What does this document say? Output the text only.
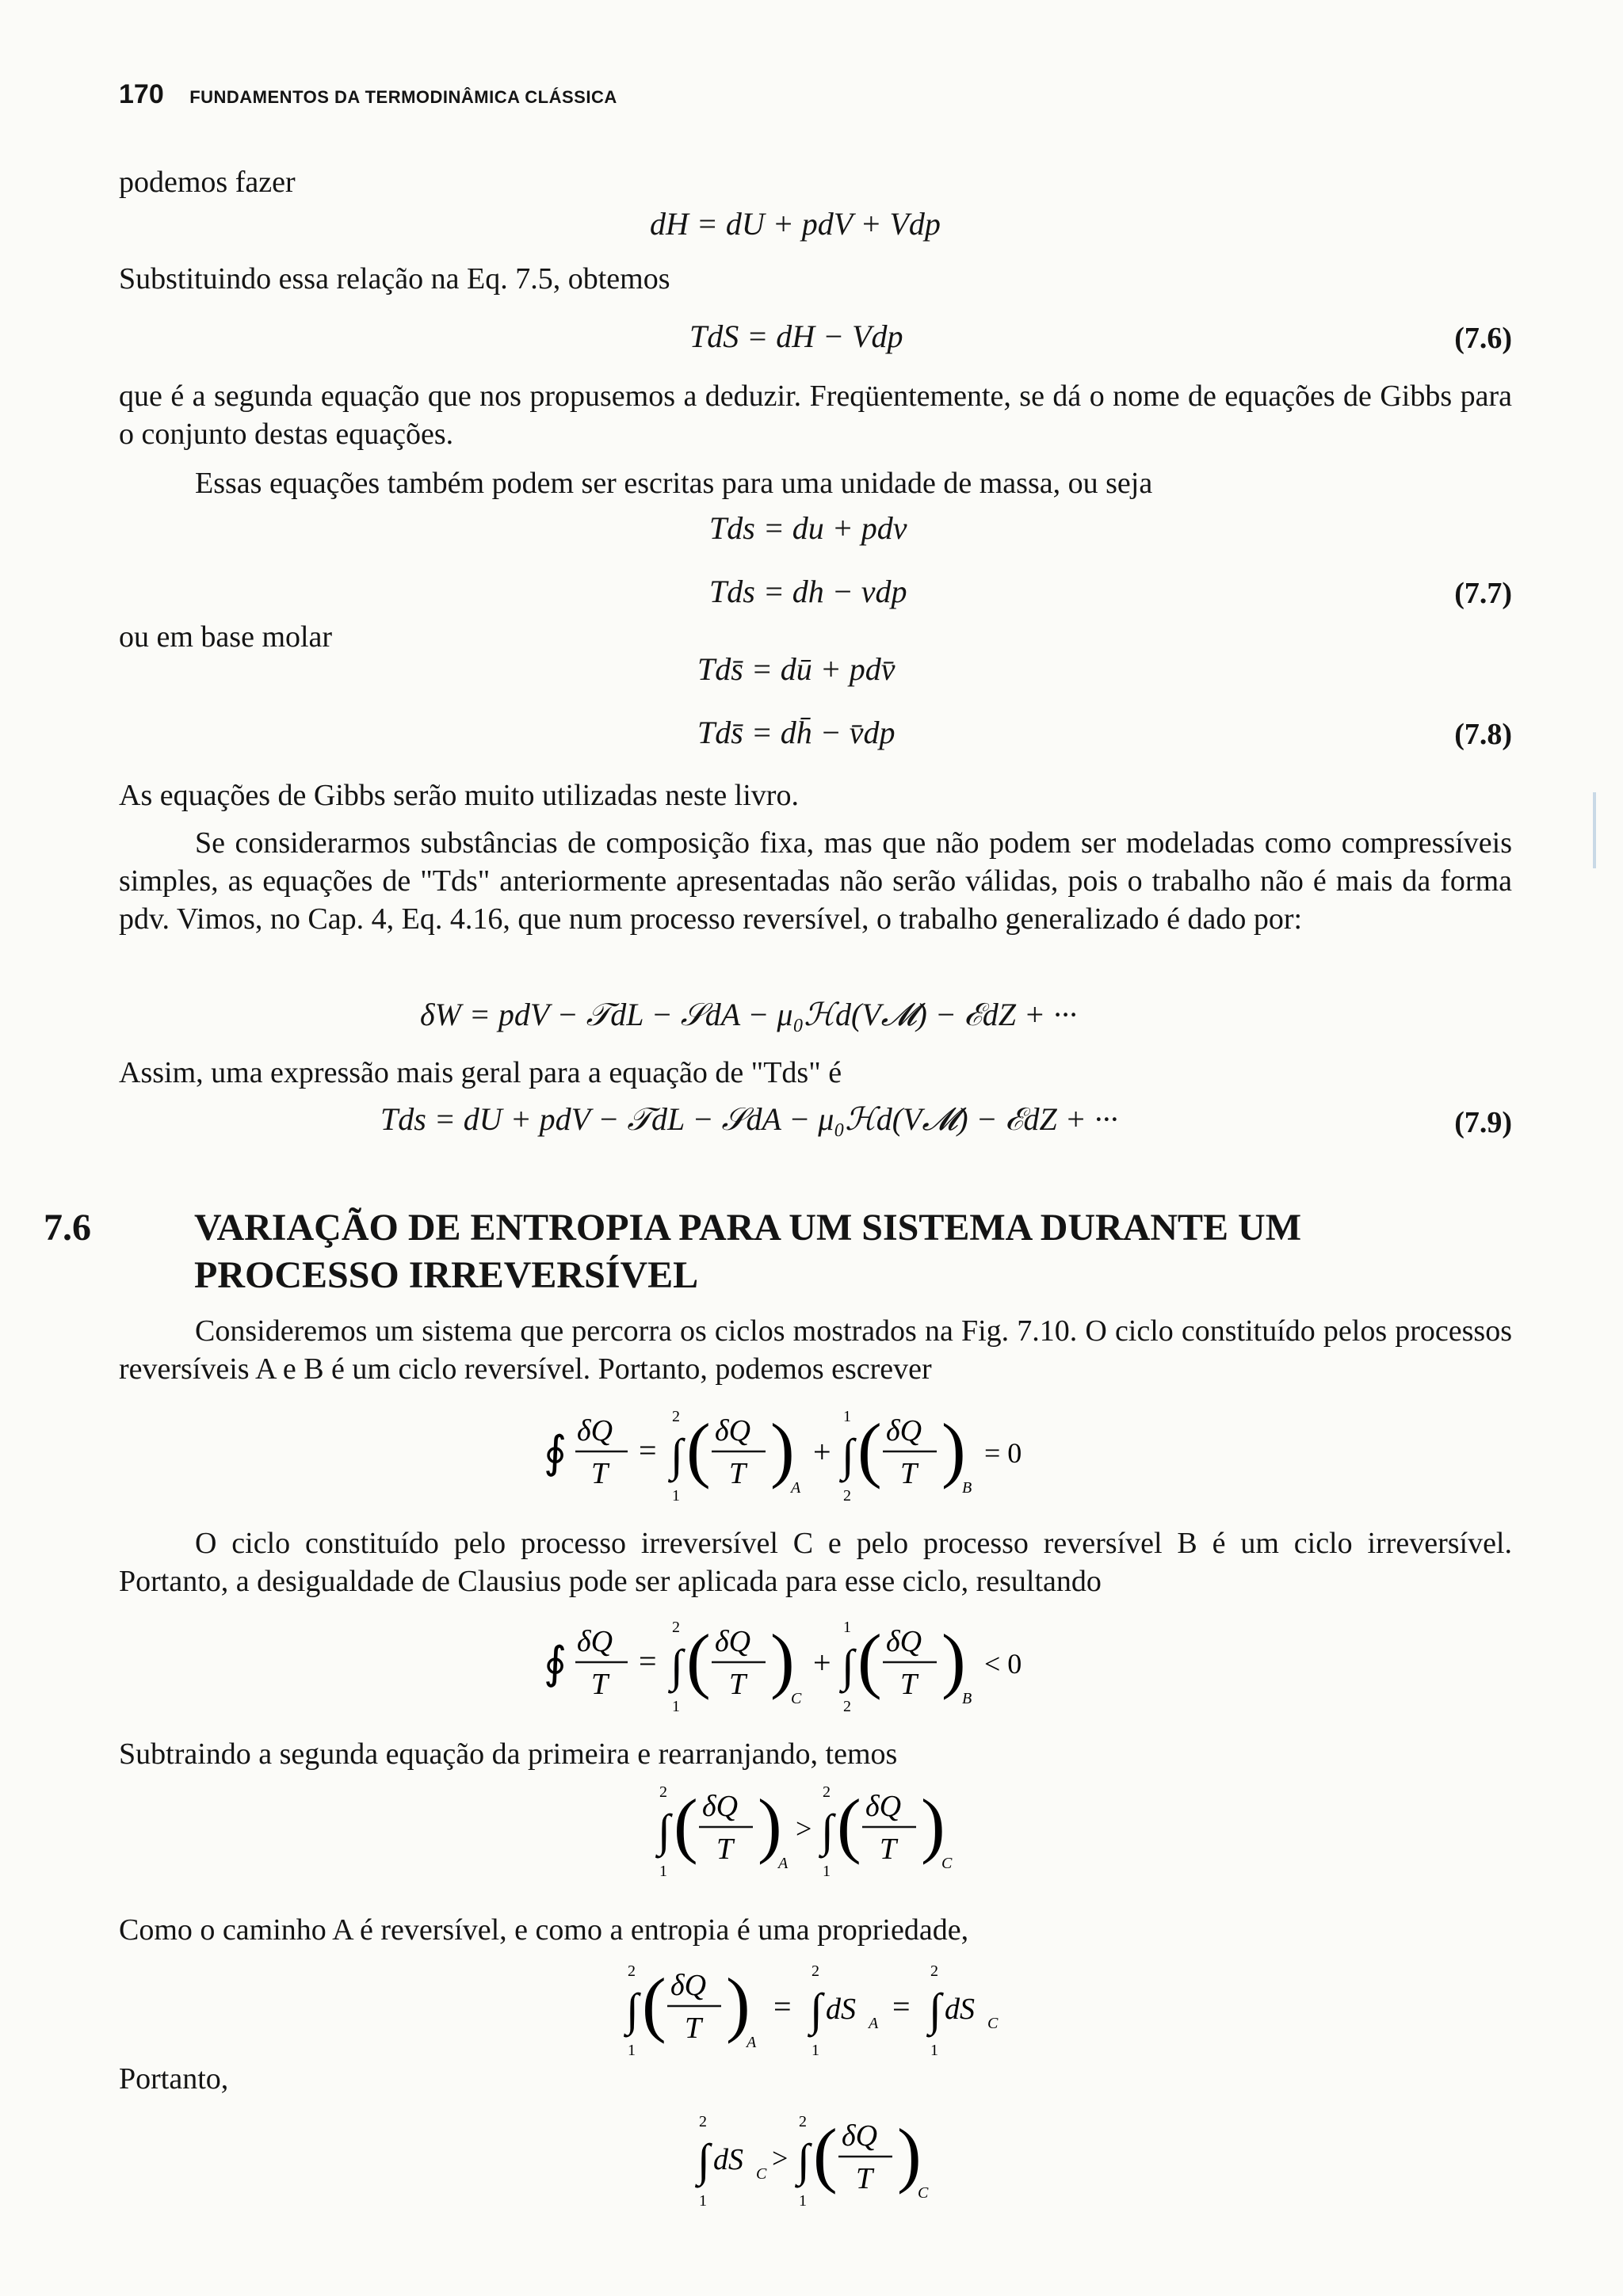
170 FUNDAMENTOS DA TERMODINÂMICA CLÁSSICA
podemos fazer
dH = dU + pdV + Vdp
Substituindo essa relação na Eq. 7.5, obtemos
TdS = dH − Vdp	(7.6)
que é a segunda equação que nos propusemos a deduzir. Freqüentemente, se dá o nome de equações de Gibbs para o conjunto destas equações.
Essas equações também podem ser escritas para uma unidade de massa, ou seja
Tds = du + pdv
Tds = dh − vdp	(7.7)
ou em base molar
Tds̄ = dū + pdv̄
Tds̄ = dh̄ − v̄dp	(7.8)
As equações de Gibbs serão muito utilizadas neste livro.
Se considerarmos substâncias de composição fixa, mas que não podem ser modeladas como compressíveis simples, as equações de "Tds" anteriormente apresentadas não serão válidas, pois o trabalho não é mais da forma pdv. Vimos, no Cap. 4, Eq. 4.16, que num processo reversível, o trabalho generalizado é dado por:
δW = pdV − 𝒯dL − 𝒮dA − μ₀ℋd(V𝓜) − ℰdZ + ···
Assim, uma expressão mais geral para a equação de "Tds" é
Tds = dU + pdV − 𝒯dL − 𝒮dA − μ₀ℋd(V𝓜) − ℰdZ + ···	(7.9)
7.6	VARIAÇÃO DE ENTROPIA PARA UM SISTEMA DURANTE UM PROCESSO IRREVERSÍVEL
Consideremos um sistema que percorra os ciclos mostrados na Fig. 7.10. O ciclo constituído pelos processos reversíveis A e B é um ciclo reversível. Portanto, podemos escrever
∮ δQ
T
=
2
∫
1
( δQ
T )
A
+
1
∫
2
( δQ
T )
B
= 0
O ciclo constituído pelo processo irreversível C e pelo processo reversível B é um ciclo irreversível. Portanto, a desigualdade de Clausius pode ser aplicada para esse ciclo, resultando
∮ δQ
T
=
2
∫
1
( δQ
T )
C
+
1
∫
2
( δQ
T )
B
< 0
Subtraindo a segunda equação da primeira e rearranjando, temos
2
∫
1
( δQ
T )
A
>
2
∫
1
( δQ
T )
C
Como o caminho A é reversível, e como a entropia é uma propriedade,
2
∫
1
( δQ
T )
A
=
2
∫
1
dS A =
2
∫
1
dS C
Portanto,
2
∫
1
dS C >
2
∫
1
( δQ
T )
C
